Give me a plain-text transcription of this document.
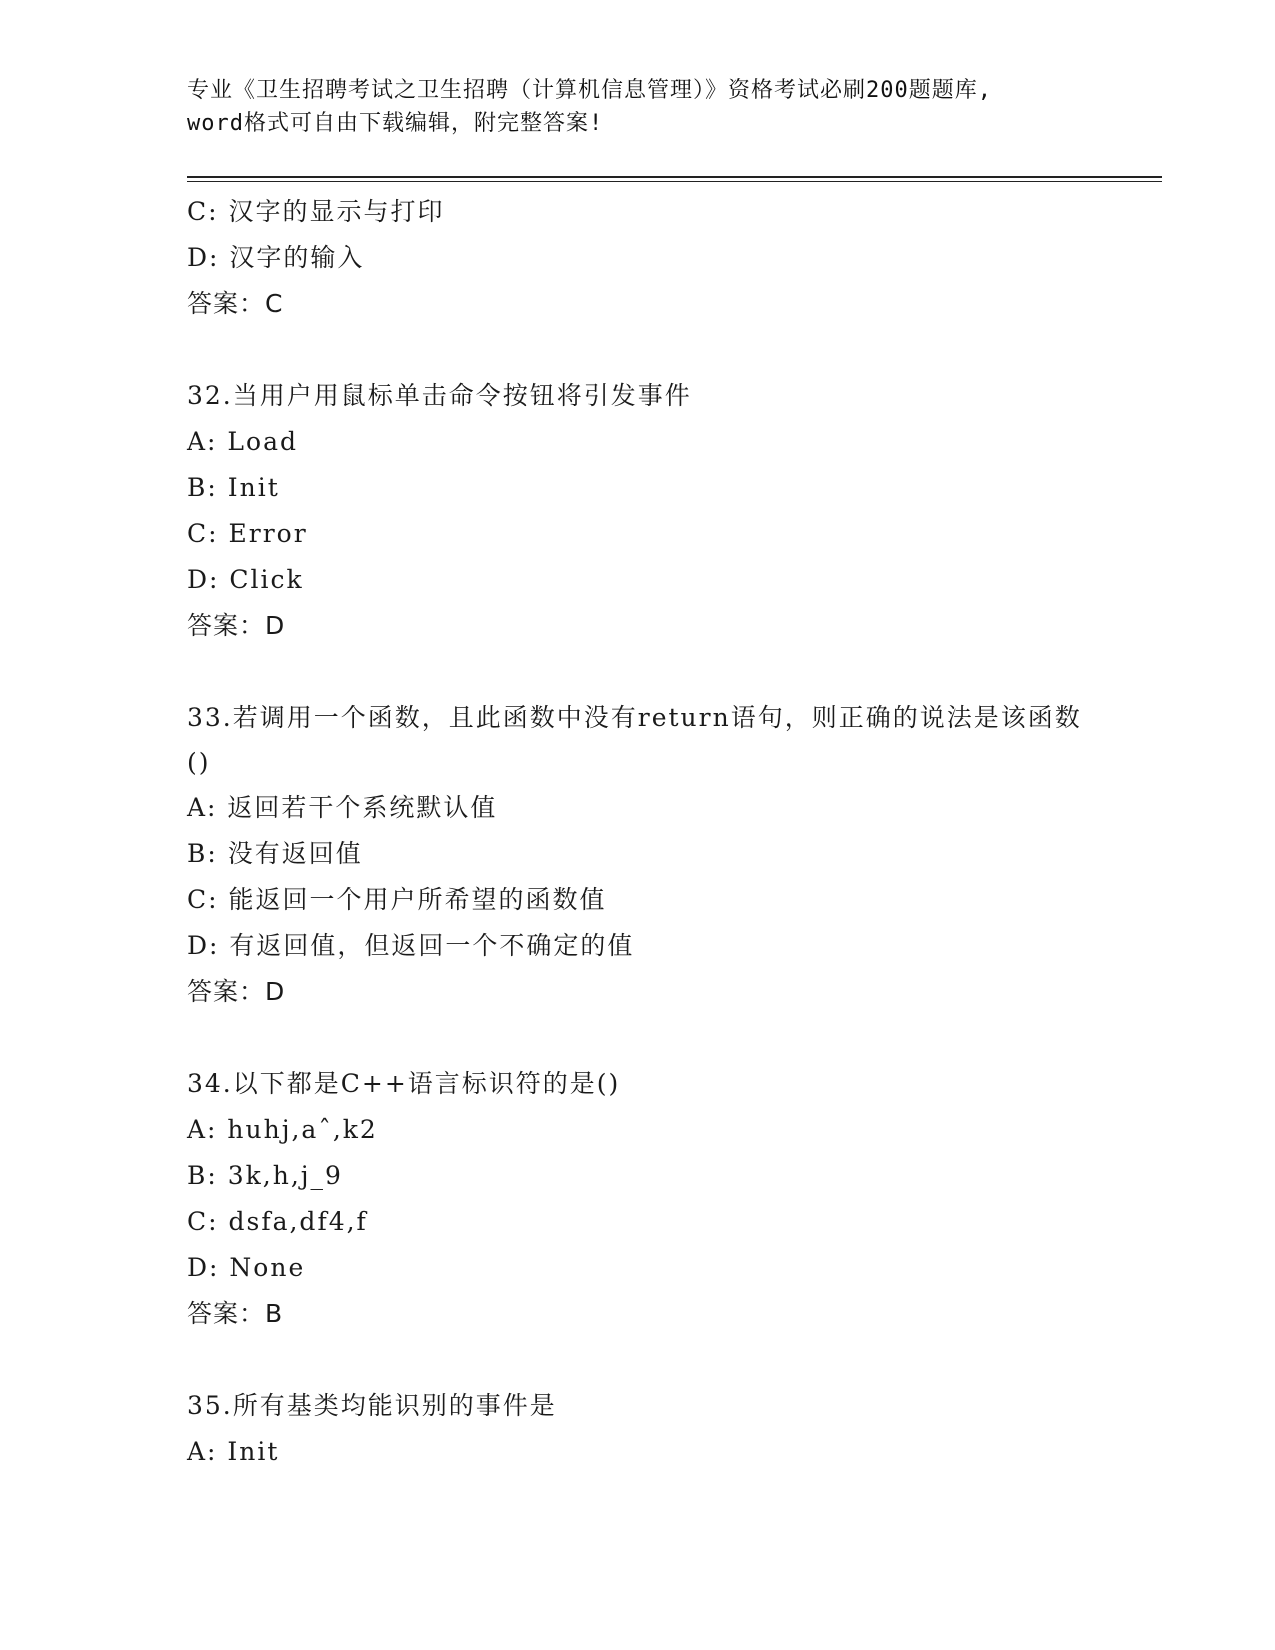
专业《卫生招聘考试之卫生招聘（计算机信息管理）》资格考试必刷200题题库,
word格式可自由下载编辑，附完整答案!
C: 汉字的显示与打印
D: 汉字的输入
答案：C
32.当用户用鼠标单击命令按钮将引发事件
A: Load
B: Init
C: Error
D: Click
答案：D
33.若调用一个函数，且此函数中没有return语句，则正确的说法是该函数()
A: 返回若干个系统默认值
B: 没有返回值
C: 能返回一个用户所希望的函数值
D: 有返回值，但返回一个不确定的值
答案：D
34.以下都是C++语言标识符的是()
A: huhj,aˆ,k2
B: 3k,h,j_9
C: dsfa,df4,f
D: None
答案：B
35.所有基类均能识别的事件是
A: Init
